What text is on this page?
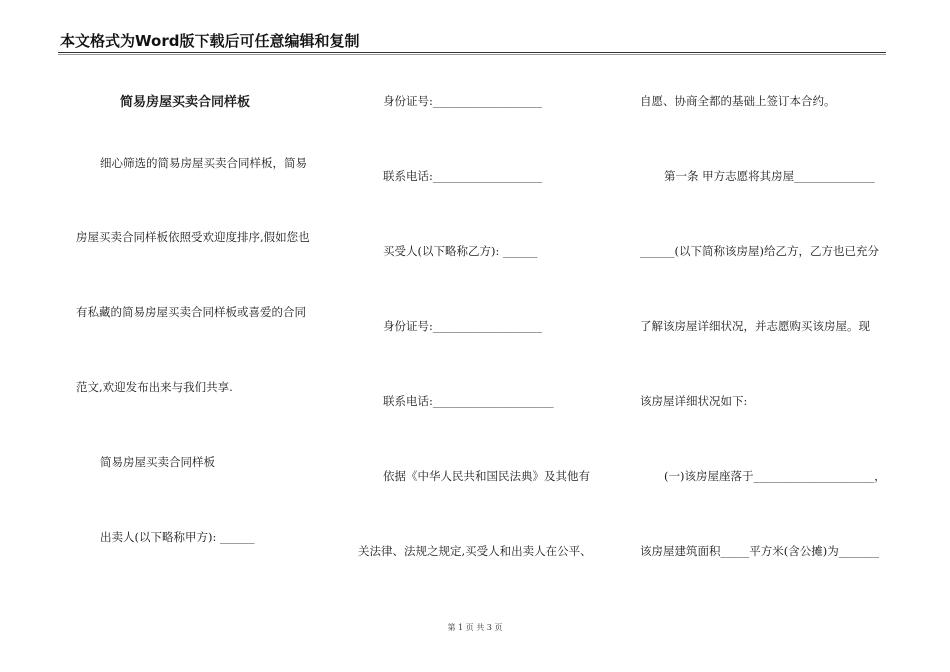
本文格式为Word版下载后可任意编辑和复制
简易房屋买卖合同样板
细心筛选的简易房屋买卖合同样板，简易
房屋买卖合同样板依照受欢迎度排序,假如您也
有私藏的简易房屋买卖合同样板或喜爱的合同
范文,欢迎发布出来与我们共享.
简易房屋买卖合同样板
出卖人(以下略称甲方): ______
身份证号:___________________
联系电话:___________________
买受人(以下略称乙方): ______
身份证号:___________________
联系电话:_____________________
依据《中华人民共和国民法典》及其他有
关法律、法规之规定,买受人和出卖人在公平、
自愿、协商全都的基础上签订本合约。
第一条 甲方志愿将其房屋______________
______(以下简称该房屋)给乙方，乙方也已充分
了解该房屋详细状况，并志愿购买该房屋。现
该房屋详细状况如下:
(一)该房屋座落于_____________________，
该房屋建筑面积_____平方米(含公摊)为_______
第 1 页 共 3 页
